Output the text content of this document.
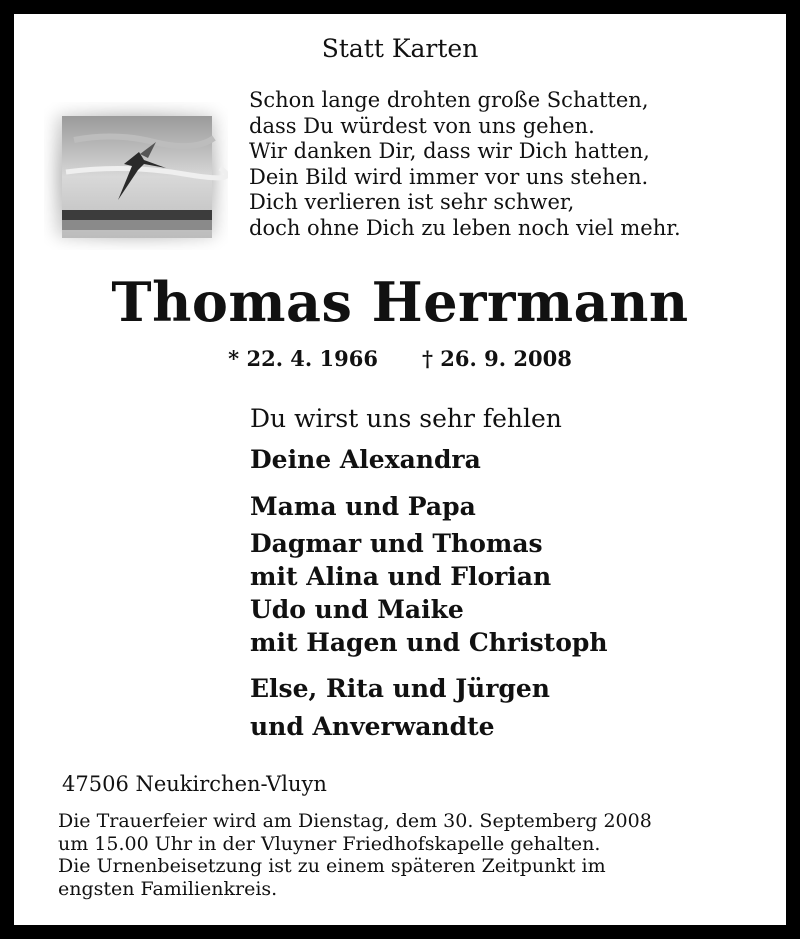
Statt Karten
Schon lange drohten große Schatten,
dass Du würdest von uns gehen.
Wir danken Dir, dass wir Dich hatten,
Dein Bild wird immer vor uns stehen.
Dich verlieren ist sehr schwer,
doch ohne Dich zu leben noch viel mehr.
Thomas Herrmann
* 22. 4. 1966 † 26. 9. 2008
Du wirst uns sehr fehlen
Deine Alexandra
Mama und Papa
Dagmar und Thomas
mit Alina und Florian
Udo und Maike
mit Hagen und Christoph
Else, Rita und Jürgen
und Anverwandte
47506 Neukirchen-Vluyn
Die Trauerfeier wird am Dienstag, dem 30. Septemberg 2008
um 15.00 Uhr in der Vluyner Friedhofskapelle gehalten.
Die Urnenbeisetzung ist zu einem späteren Zeitpunkt im
engsten Familienkreis.
